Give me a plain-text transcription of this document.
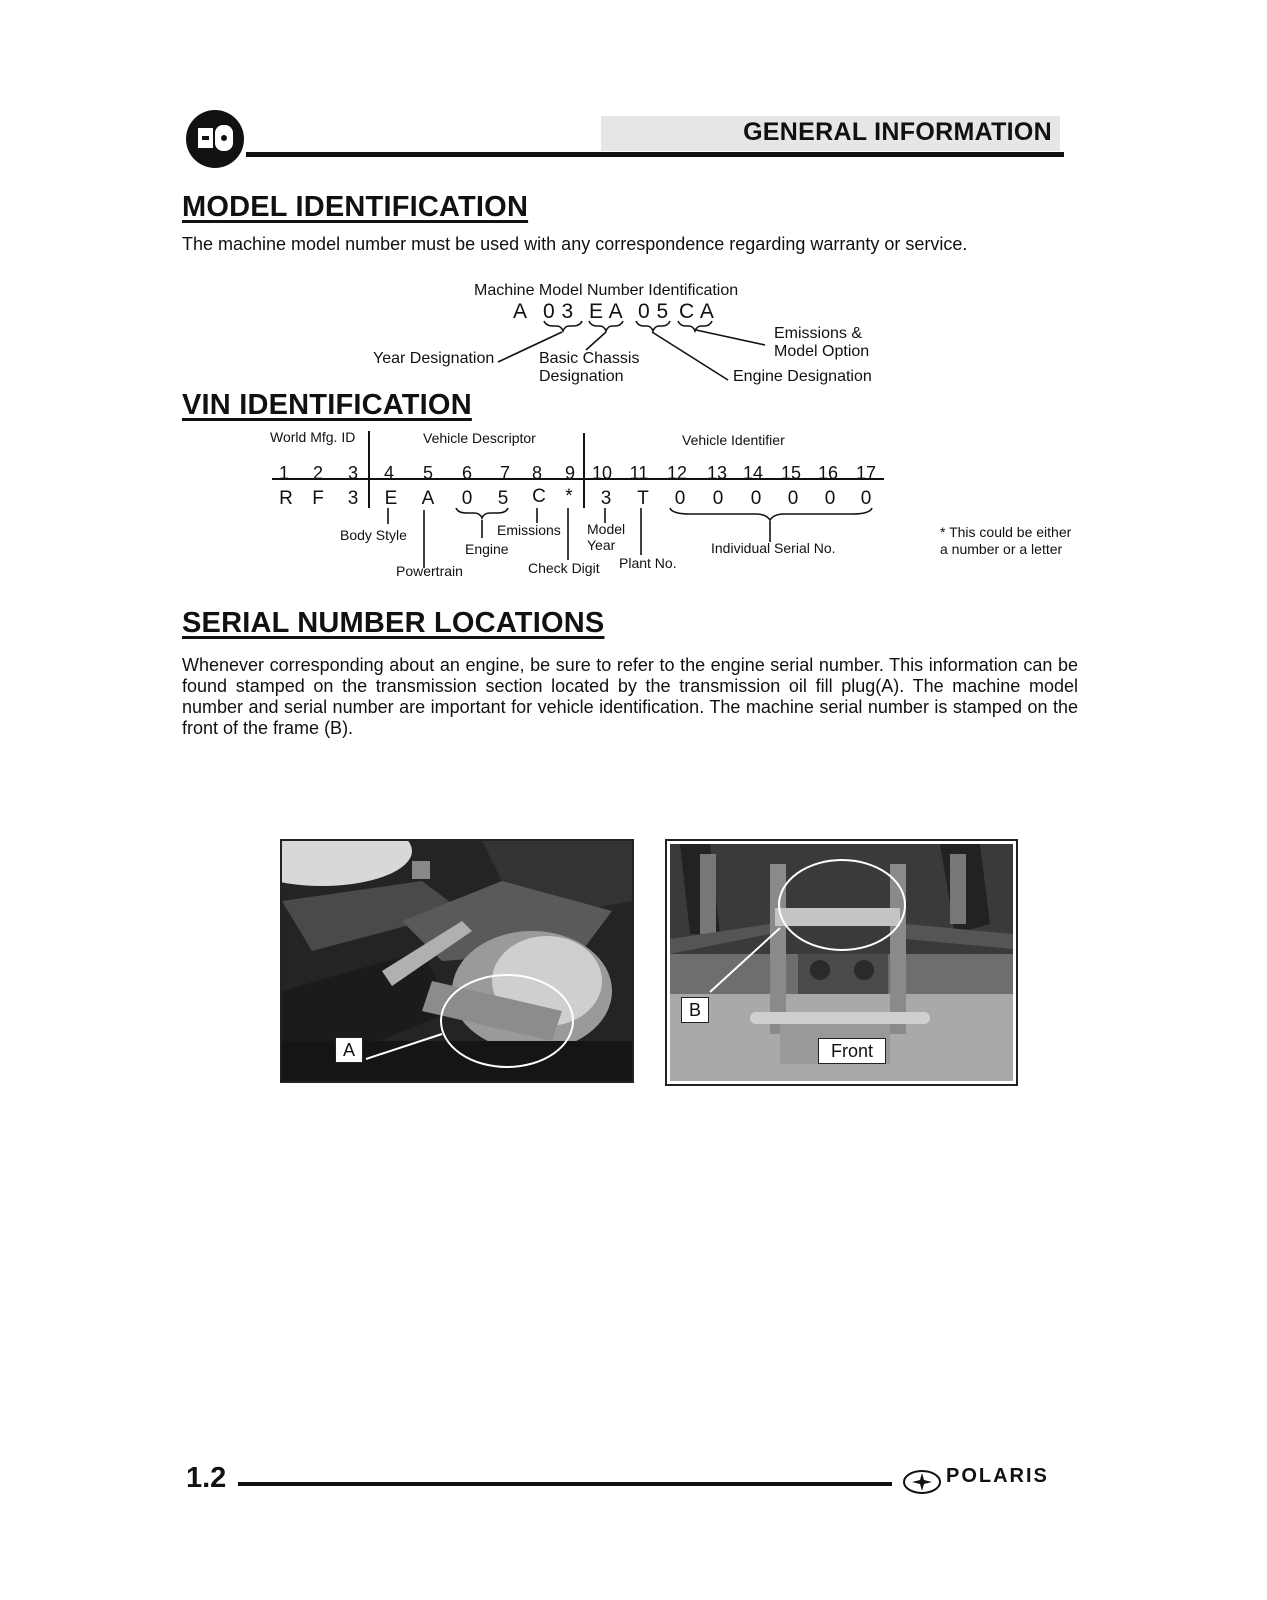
GENERAL INFORMATION
MODEL IDENTIFICATION
The machine model number must be used with any correspondence regarding warranty or service.
Machine Model Number Identification
A 0 3 E A 0 5 C A
Year Designation	Basic Chassis
Designation
Emissions &
Model Option
Engine Designation
VIN IDENTIFICATION
World Mfg. ID	Vehicle Descriptor	Vehicle Identifier
1 2 3 4 5 6 7 8 9 10 11 12 13 14 15 16 17
R F 3 E A 0 5 C * 3 T 0 0 0 0 0 0
Body Style
Powertrain
Engine
Emissions
Check Digit
Model
Year
Plant No.
Individual Serial No.
* This could be either
a number or a letter
SERIAL NUMBER LOCATIONS
Whenever corresponding about an engine, be sure to refer to the engine serial number. This information can be found stamped on the transmission section located by the transmission oil fill plug(A). The machine model number and serial number are important for vehicle identification. The machine serial number is stamped on the front of the frame (B).
A
B
Front
1.2	POLARIS
